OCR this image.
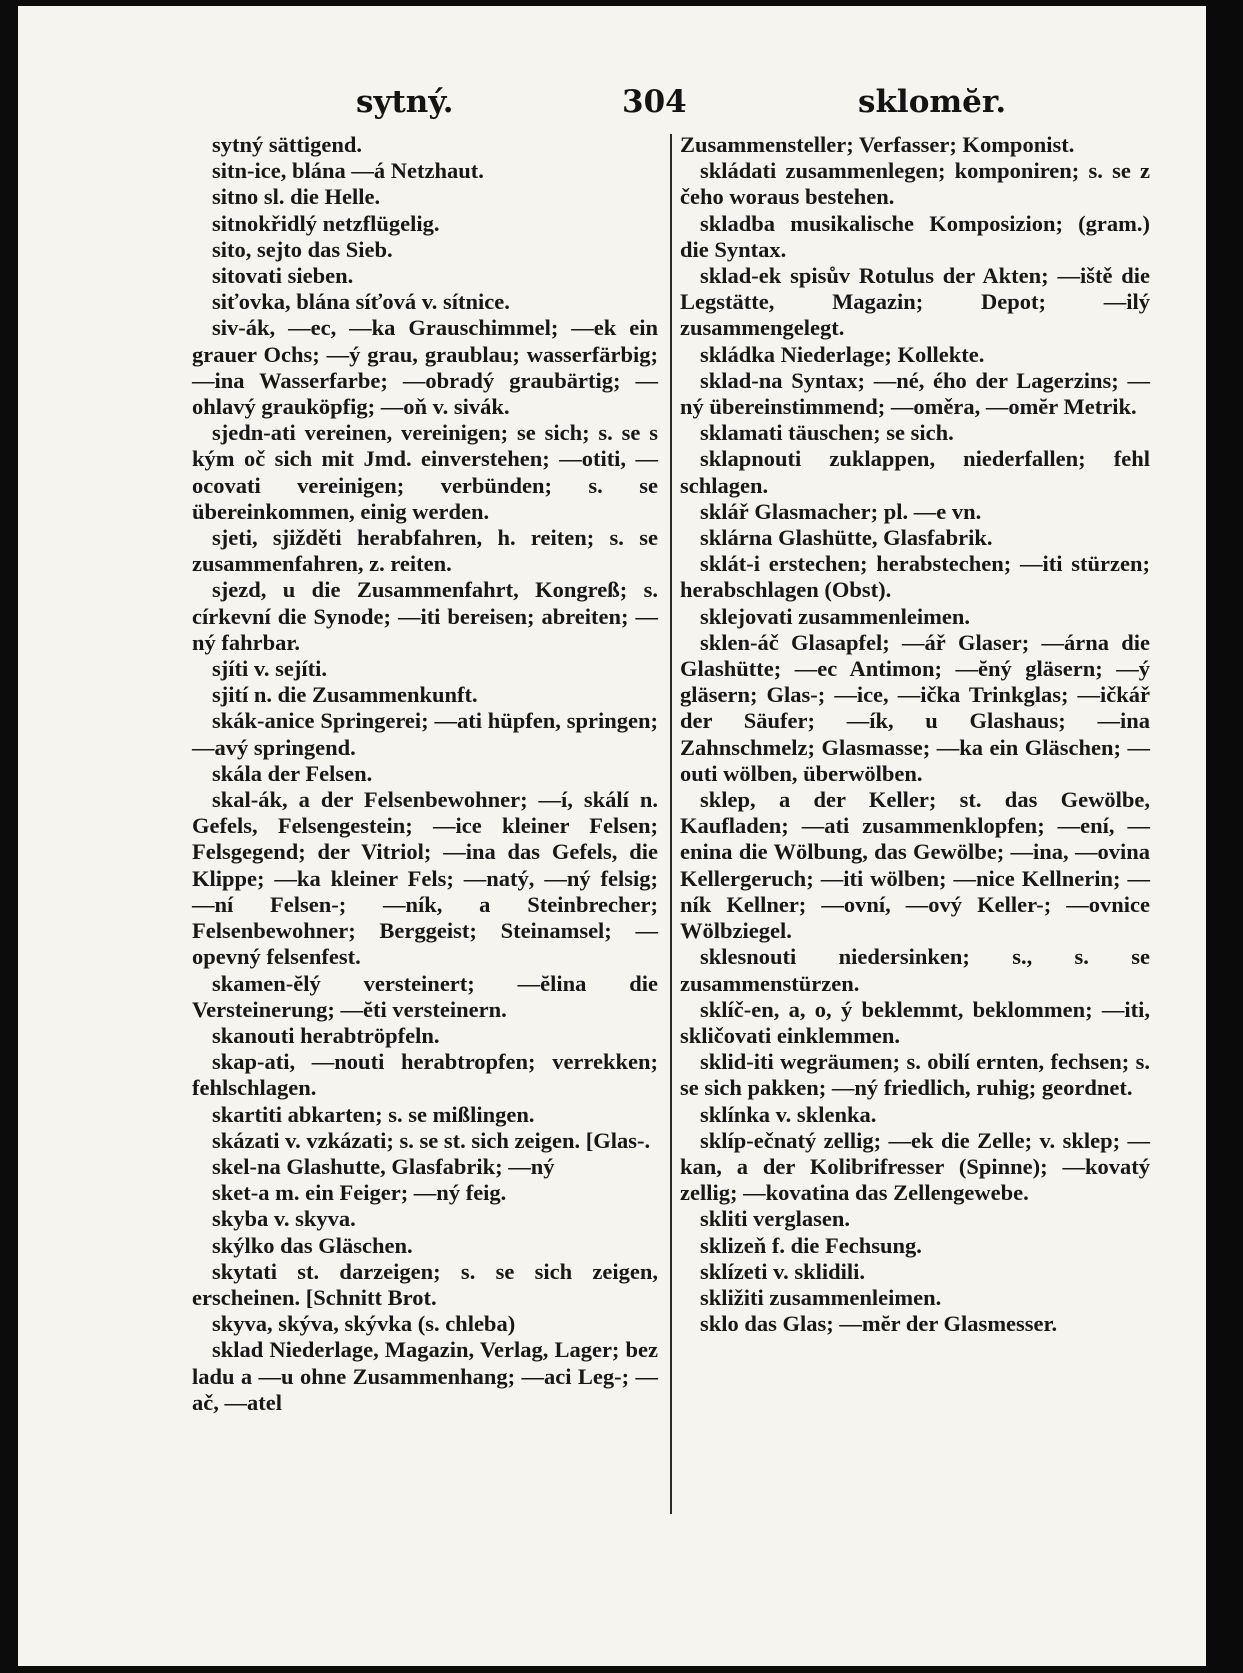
sytný.	304	sklomĕr.

sytný sättigend.

sitn-ice, blána —á Netzhaut.

sitno sl. die Helle.

sitnokřidlý netzflügelig.

sito, sejto das Sieb.

sitovati sieben.

siťovka, blána síťová v. sítnice.

siv-ák, —ec, —ka Grauschimmel; —ek ein grauer Ochs; —ý grau, graublau; wasserfärbig; —ina Wasserfarbe; —obradý graubärtig; —ohlavý grauköpfig; —oň v. sivák.

sjedn-ati vereinen, vereinigen; se sich; s. se s kým oč sich mit Jmd. einverstehen; —otiti, —ocovati vereinigen; verbünden; s. se übereinkommen, einig werden.

sjeti, sjižděti herabfahren, h. reiten; s. se zusammenfahren, z. reiten.

sjezd, u die Zusammenfahrt, Kongreß; s. církevní die Synode; —iti bereisen; abreiten; —ný fahrbar.

sjíti v. sejíti.

sjití n. die Zusammenkunft.

skák-anice Springerei; —ati hüpfen, springen; —avý springend.

skála der Felsen.

skal-ák, a der Felsenbewohner; —í, skálí n. Gefels, Felsengestein; —ice kleiner Felsen; Felsgegend; der Vitriol; —ina das Gefels, die Klippe; —ka kleiner Fels; —natý, —ný felsig; —ní Felsen-; —ník, a Steinbrecher; Felsenbewohner; Berggeist; Steinamsel; —opevný felsenfest.

skamen-ĕlý versteinert; —ĕlina die Versteinerung; —ĕti versteinern.

skanouti herabtröpfeln.

skap-ati, —nouti herabtropfen; verrekken; fehlschlagen.

skartiti abkarten; s. se mißlingen.

skázati v. vzkázati; s. se st. sich zeigen. [Glas-.

skel-na Glashutte, Glasfabrik; —ný

sket-a m. ein Feiger; —ný feig.

skyba v. skyva.

skýlko das Gläschen.

skytati st. darzeigen; s. se sich zeigen, erscheinen. [Schnitt Brot.

skyva, skýva, skývka (s. chleba)

sklad Niederlage, Magazin, Verlag, Lager; bez ladu a —u ohne Zusammenhang; —aci Leg-; —ač, —atel

Zusammensteller; Verfasser; Komponist.

skládati zusammenlegen; komponiren; s. se z čeho woraus bestehen.

skladba musikalische Komposizion; (gram.) die Syntax.

sklad-ek spisův Rotulus der Akten; —iště die Legstätte, Magazin; Depot; —ilý zusammengelegt.

skládka Niederlage; Kollekte.

sklad-na Syntax; —né, ého der Lagerzins; —ný übereinstimmend; —oměra, —omĕr Metrik.

sklamati täuschen; se sich.

sklapnouti zuklappen, niederfallen; fehl schlagen.

sklář Glasmacher; pl. —e vn.

sklárna Glashütte, Glasfabrik.

sklát-i erstechen; herabstechen; —iti stürzen; herabschlagen (Obst).

sklejovati zusammenleimen.

sklen-áč Glasapfel; —ář Glaser; —árna die Glashütte; —ec Antimon; —ĕný gläsern; —ý gläsern; Glas-; —ice, —ička Trinkglas; —ičkář der Säufer; —ík, u Glashaus; —ina Zahnschmelz; Glasmasse; —ka ein Gläschen; —outi wölben, überwölben.

sklep, a der Keller; st. das Gewölbe, Kaufladen; —ati zusammenklopfen; —ení, —enina die Wölbung, das Gewölbe; —ina, —ovina Kellergeruch; —iti wölben; —nice Kellnerin; —ník Kellner; —ovní, —ový Keller-; —ovnice Wölbziegel.

sklesnouti niedersinken; s., s. se zusammenstürzen.

sklíč-en, a, o, ý beklemmt, beklommen; —iti, skličovati einklemmen.

sklid-iti wegräumen; s. obilí ernten, fechsen; s. se sich pakken; —ný friedlich, ruhig; geordnet.

sklínka v. sklenka.

sklíp-ečnatý zellig; —ek die Zelle; v. sklep; —kan, a der Kolibrifresser (Spinne); —kovatý zellig; —kovatina das Zellengewebe.

skliti verglasen.

sklizeň f. die Fechsung.

sklízeti v. sklidili.

skližiti zusammenleimen.

sklo das Glas; —mĕr der Glasmesser.
